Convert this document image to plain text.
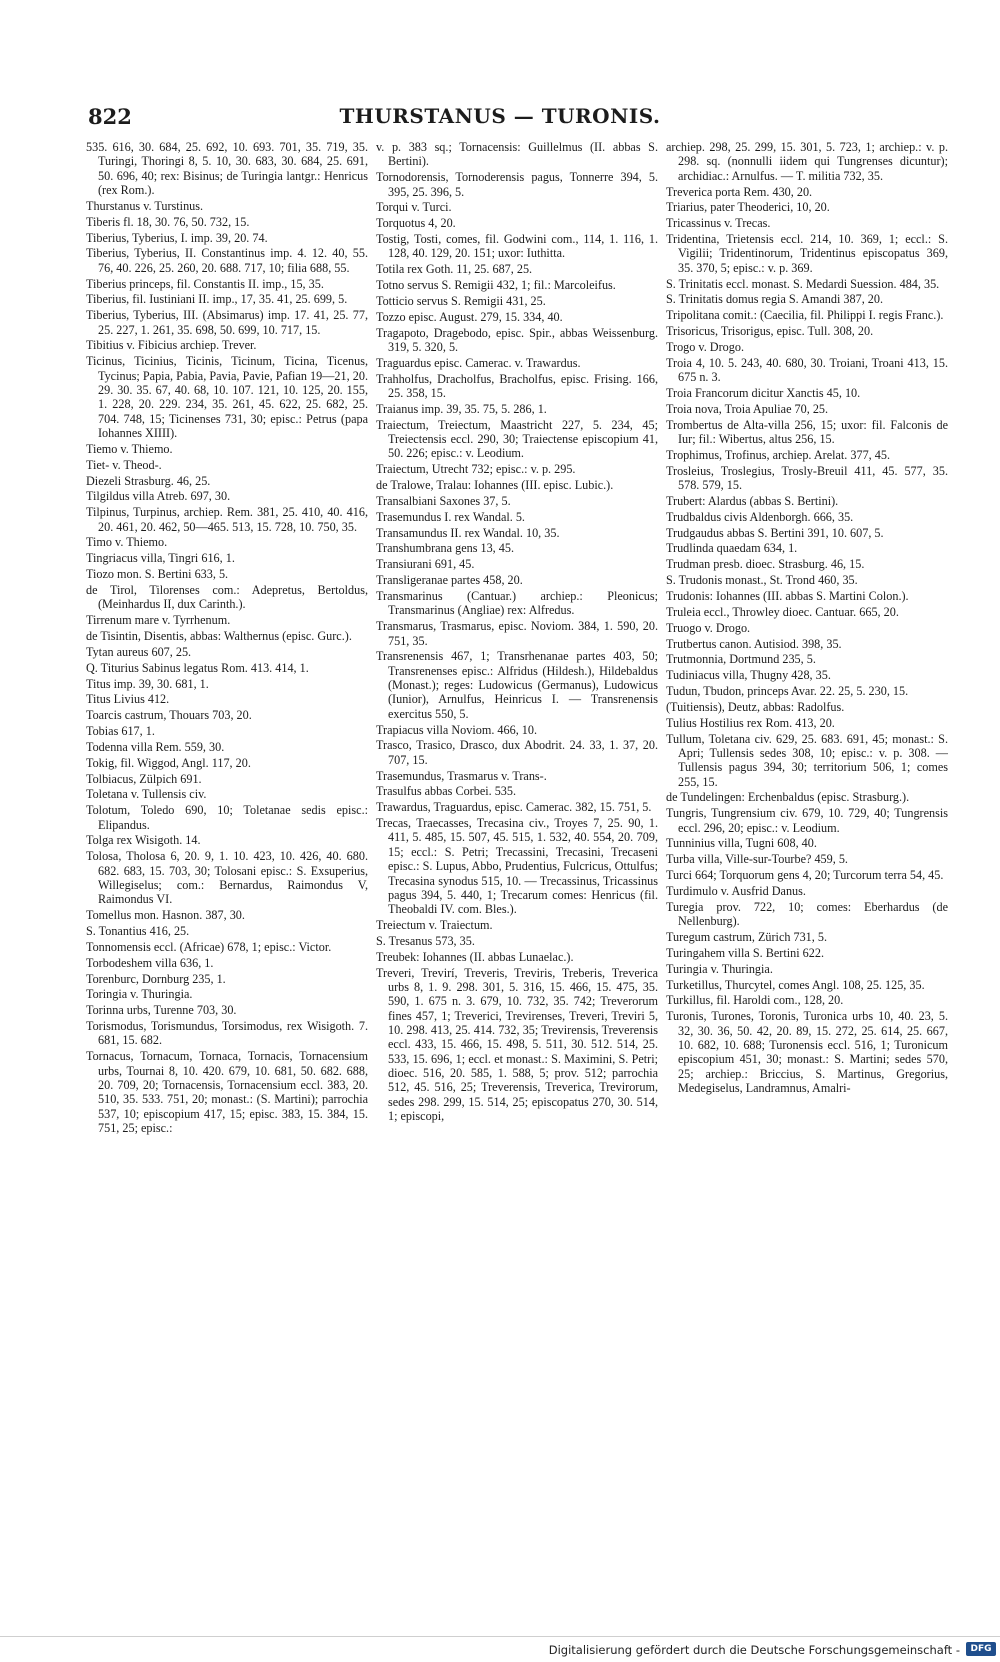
822	THURSTANUS — TURONIS.

535. 616, 30. 684, 25. 692, 10. 693. 701, 35. 719, 35. Turingi, Thoringi 8, 5. 10, 30. 683, 30. 684, 25. 691, 50. 696, 40; rex: Bisinus; de Turingia lantgr.: Henricus (rex Rom.).

Thurstanus v. Turstinus.

Tiberis fl. 18, 30. 76, 50. 732, 15.

Tiberius, Tyberius, I. imp. 39, 20. 74.

Tiberius, Tyberius, II. Constantinus imp. 4. 12. 40, 55. 76, 40. 226, 25. 260, 20. 688. 717, 10; filia 688, 55.

Tiberius princeps, fil. Constantis II. imp., 15, 35.

Tiberius, fil. Iustiniani II. imp., 17, 35. 41, 25. 699, 5.

Tiberius, Tyberius, III. (Absimarus) imp. 17. 41, 25. 77, 25. 227, 1. 261, 35. 698, 50. 699, 10. 717, 15.

Tibitius v. Fibicius archiep. Trever.

Ticinus, Ticinius, Ticinis, Ticinum, Ticina, Ticenus, Tycinus; Papia, Pabia, Pavia, Pavie, Pafian 19—21, 20. 29. 30. 35. 67, 40. 68, 10. 107. 121, 10. 125, 20. 155, 1. 228, 20. 229. 234, 35. 261, 45. 622, 25. 682, 25. 704. 748, 15; Ticinenses 731, 30; episc.: Petrus (papa Iohannes XIIII).

Tiemo v. Thiemo.

Tiet- v. Theod-.

Diezeli Strasburg. 46, 25.

Tilgildus villa Atreb. 697, 30.

Tilpinus, Turpinus, archiep. Rem. 381, 25. 410, 40. 416, 20. 461, 20. 462, 50—465. 513, 15. 728, 10. 750, 35.

Timo v. Thiemo.

Tingriacus villa, Tingri 616, 1.

Tiozo mon. S. Bertini 633, 5.

de Tirol, Tilorenses com.: Adepretus, Bertoldus, (Meinhardus II, dux Carinth.).

Tirrenum mare v. Tyrrhenum.

de Tisintin, Disentis, abbas: Walthernus (episc. Gurc.).

Tytan aureus 607, 25.

Q. Titurius Sabinus legatus Rom. 413. 414, 1.

Titus imp. 39, 30. 681, 1.

Titus Livius 412.

Toarcis castrum, Thouars 703, 20.

Tobias 617, 1.

Todenna villa Rem. 559, 30.

Tokig, fil. Wiggod, Angl. 117, 20.

Tolbiacus, Zülpich 691.

Toletana v. Tullensis civ.

Tolotum, Toledo 690, 10; Toletanae sedis episc.: Elipandus.

Tolga rex Wisigoth. 14.

Tolosa, Tholosa 6, 20. 9, 1. 10. 423, 10. 426, 40. 680. 682. 683, 15. 703, 30; Tolosani episc.: S. Exsuperius, Willegiselus; com.: Bernardus, Raimondus V, Raimondus VI.

Tomellus mon. Hasnon. 387, 30.

S. Tonantius 416, 25.

Tonnomensis eccl. (Africae) 678, 1; episc.: Victor.

Torbodeshem villa 636, 1.

Torenburc, Dornburg 235, 1.

Toringia v. Thuringia.

Torinna urbs, Turenne 703, 30.

Torismodus, Torismundus, Torsimodus, rex Wisigoth. 7. 681, 15. 682.

Tornacus, Tornacum, Tornaca, Tornacis, Tornacensium urbs, Tournai 8, 10. 420. 679, 10. 681, 50. 682. 688, 20. 709, 20; Tornacensis, Tornacensium eccl. 383, 20. 510, 35. 533. 751, 20; monast.: (S. Martini); parrochia 537, 10; episcopium 417, 15; episc. 383, 15. 384, 15. 751, 25; episc.:

v. p. 383 sq.; Tornacensis: Guillelmus (II. abbas S. Bertini).

Tornodorensis, Tornoderensis pagus, Tonnerre 394, 5. 395, 25. 396, 5.

Torqui v. Turci.

Torquotus 4, 20.

Tostig, Tosti, comes, fil. Godwini com., 114, 1. 116, 1. 128, 40. 129, 20. 151; uxor: Iuthitta.

Totila rex Goth. 11, 25. 687, 25.

Totno servus S. Remigii 432, 1; fil.: Marcoleifus.

Totticio servus S. Remigii 431, 25.

Tozzo episc. August. 279, 15. 334, 40.

Tragapoto, Dragebodo, episc. Spir., abbas Weissenburg. 319, 5. 320, 5.

Traguardus episc. Camerac. v. Trawardus.

Trahholfus, Dracholfus, Bracholfus, episc. Frising. 166, 25. 358, 15.

Traianus imp. 39, 35. 75, 5. 286, 1.

Traiectum, Treiectum, Maastricht 227, 5. 234, 45; Treiectensis eccl. 290, 30; Traiectense episcopium 41, 50. 226; episc.: v. Leodium.

Traiectum, Utrecht 732; episc.: v. p. 295.

de Tralowe, Tralau: Iohannes (III. episc. Lubic.).

Transalbiani Saxones 37, 5.

Trasemundus I. rex Wandal. 5.

Transamundus II. rex Wandal. 10, 35.

Transhumbrana gens 13, 45.

Transiurani 691, 45.

Transligeranae partes 458, 20.

Transmarinus (Cantuar.) archiep.: Pleonicus; Transmarinus (Angliae) rex: Alfredus.

Transmarus, Trasmarus, episc. Noviom. 384, 1. 590, 20. 751, 35.

Transrenensis 467, 1; Transrhenanae partes 403, 50; Transrenenses episc.: Alfridus (Hildesh.), Hildebaldus (Monast.); reges: Ludowicus (Germanus), Ludowicus (Iunior), Arnulfus, Heinricus I. — Transrenensis exercitus 550, 5.

Trapiacus villa Noviom. 466, 10.

Trasco, Trasico, Drasco, dux Abodrit. 24. 33, 1. 37, 20. 707, 15.

Trasemundus, Trasmarus v. Trans-.

Trasulfus abbas Corbei. 535.

Trawardus, Traguardus, episc. Camerac. 382, 15. 751, 5.

Trecas, Traecasses, Trecasina civ., Troyes 7, 25. 90, 1. 411, 5. 485, 15. 507, 45. 515, 1. 532, 40. 554, 20. 709, 15; eccl.: S. Petri; Trecassini, Trecasini, Trecaseni episc.: S. Lupus, Abbo, Prudentius, Fulcricus, Ottulfus; Trecasina synodus 515, 10. — Trecassinus, Tricassinus pagus 394, 5. 440, 1; Trecarum comes: Henricus (fil. Theobaldi IV. com. Bles.).

Treiectum v. Traiectum.

S. Tresanus 573, 35.

Treubek: Iohannes (II. abbas Lunaelac.).

Treveri, Trevirí, Treveris, Treviris, Treberis, Treverica urbs 8, 1. 9. 298. 301, 5. 316, 15. 466, 15. 475, 35. 590, 1. 675 n. 3. 679, 10. 732, 35. 742; Treverorum fines 457, 1; Treverici, Trevirenses, Treveri, Treviri 5, 10. 298. 413, 25. 414. 732, 35; Trevirensis, Treverensis eccl. 433, 15. 466, 15. 498, 5. 511, 30. 512. 514, 25. 533, 15. 696, 1; eccl. et monast.: S. Maximini, S. Petri; dioec. 516, 20. 585, 1. 588, 5; prov. 512; parrochia 512, 45. 516, 25; Treverensis, Treverica, Trevirorum, sedes 298. 299, 15. 514, 25; episcopatus 270, 30. 514, 1; episcopi,

archiep. 298, 25. 299, 15. 301, 5. 723, 1; archiep.: v. p. 298. sq. (nonnulli iidem qui Tungrenses dicuntur); archidiac.: Arnulfus. — T. militia 732, 35.

Treverica porta Rem. 430, 20.

Triarius, pater Theoderici, 10, 20.

Tricassinus v. Trecas.

Tridentina, Trietensis eccl. 214, 10. 369, 1; eccl.: S. Vigilii; Tridentinorum, Tridentinus episcopatus 369, 35. 370, 5; episc.: v. p. 369.

S. Trinitatis eccl. monast. S. Medardi Suession. 484, 35.

S. Trinitatis domus regia S. Amandi 387, 20.

Tripolitana comit.: (Caecilia, fil. Philippi I. regis Franc.).

Trisoricus, Trisorigus, episc. Tull. 308, 20.

Trogo v. Drogo.

Troia 4, 10. 5. 243, 40. 680, 30. Troiani, Troani 413, 15. 675 n. 3.

Troia Francorum dicitur Xanctis 45, 10.

Troia nova, Troia Apuliae 70, 25.

Trombertus de Alta-villa 256, 15; uxor: fil. Falconis de Iur; fil.: Wibertus, altus 256, 15.

Trophimus, Trofinus, archiep. Arelat. 377, 45.

Trosleius, Troslegius, Trosly-Breuil 411, 45. 577, 35. 578. 579, 15.

Trubert: Alardus (abbas S. Bertini).

Trudbaldus civis Aldenborgh. 666, 35.

Trudgaudus abbas S. Bertini 391, 10. 607, 5.

Trudlinda quaedam 634, 1.

Trudman presb. dioec. Strasburg. 46, 15.

S. Trudonis monast., St. Trond 460, 35.

Trudonis: Iohannes (III. abbas S. Martini Colon.).

Truleia eccl., Throwley dioec. Cantuar. 665, 20.

Truogo v. Drogo.

Trutbertus canon. Autisiod. 398, 35.

Trutmonnia, Dortmund 235, 5.

Tudiniacus villa, Thugny 428, 35.

Tudun, Tbudon, princeps Avar. 22. 25, 5. 230, 15.

(Tuitiensis), Deutz, abbas: Radolfus.

Tulius Hostilius rex Rom. 413, 20.

Tullum, Toletana civ. 629, 25. 683. 691, 45; monast.: S. Apri; Tullensis sedes 308, 10; episc.: v. p. 308. — Tullensis pagus 394, 30; territorium 506, 1; comes 255, 15.

de Tundelingen: Erchenbaldus (episc. Strasburg.).

Tungris, Tungrensium civ. 679, 10. 729, 40; Tungrensis eccl. 296, 20; episc.: v. Leodium.

Tunninius villa, Tugni 608, 40.

Turba villa, Ville-sur-Tourbe? 459, 5.

Turci 664; Torquorum gens 4, 20; Turcorum terra 54, 45.

Turdimulo v. Ausfrid Danus.

Turegia prov. 722, 10; comes: Eberhardus (de Nellenburg).

Turegum castrum, Zürich 731, 5.

Turingahem villa S. Bertini 622.

Turingia v. Thuringia.

Turketillus, Thurcytel, comes Angl. 108, 25. 125, 35.

Turkillus, fil. Haroldi com., 128, 20.

Turonis, Turones, Toronis, Turonica urbs 10, 40. 23, 5. 32, 30. 36, 50. 42, 20. 89, 15. 272, 25. 614, 25. 667, 10. 682, 10. 688; Turonensis eccl. 516, 1; Turonicum episcopium 451, 30; monast.: S. Martini; sedes 570, 25; archiep.: Briccius, S. Martinus, Gregorius, Medegiselus, Landramnus, Amalri-

Digitalisierung gefördert durch die Deutsche Forschungsgemeinschaft -	DFG
